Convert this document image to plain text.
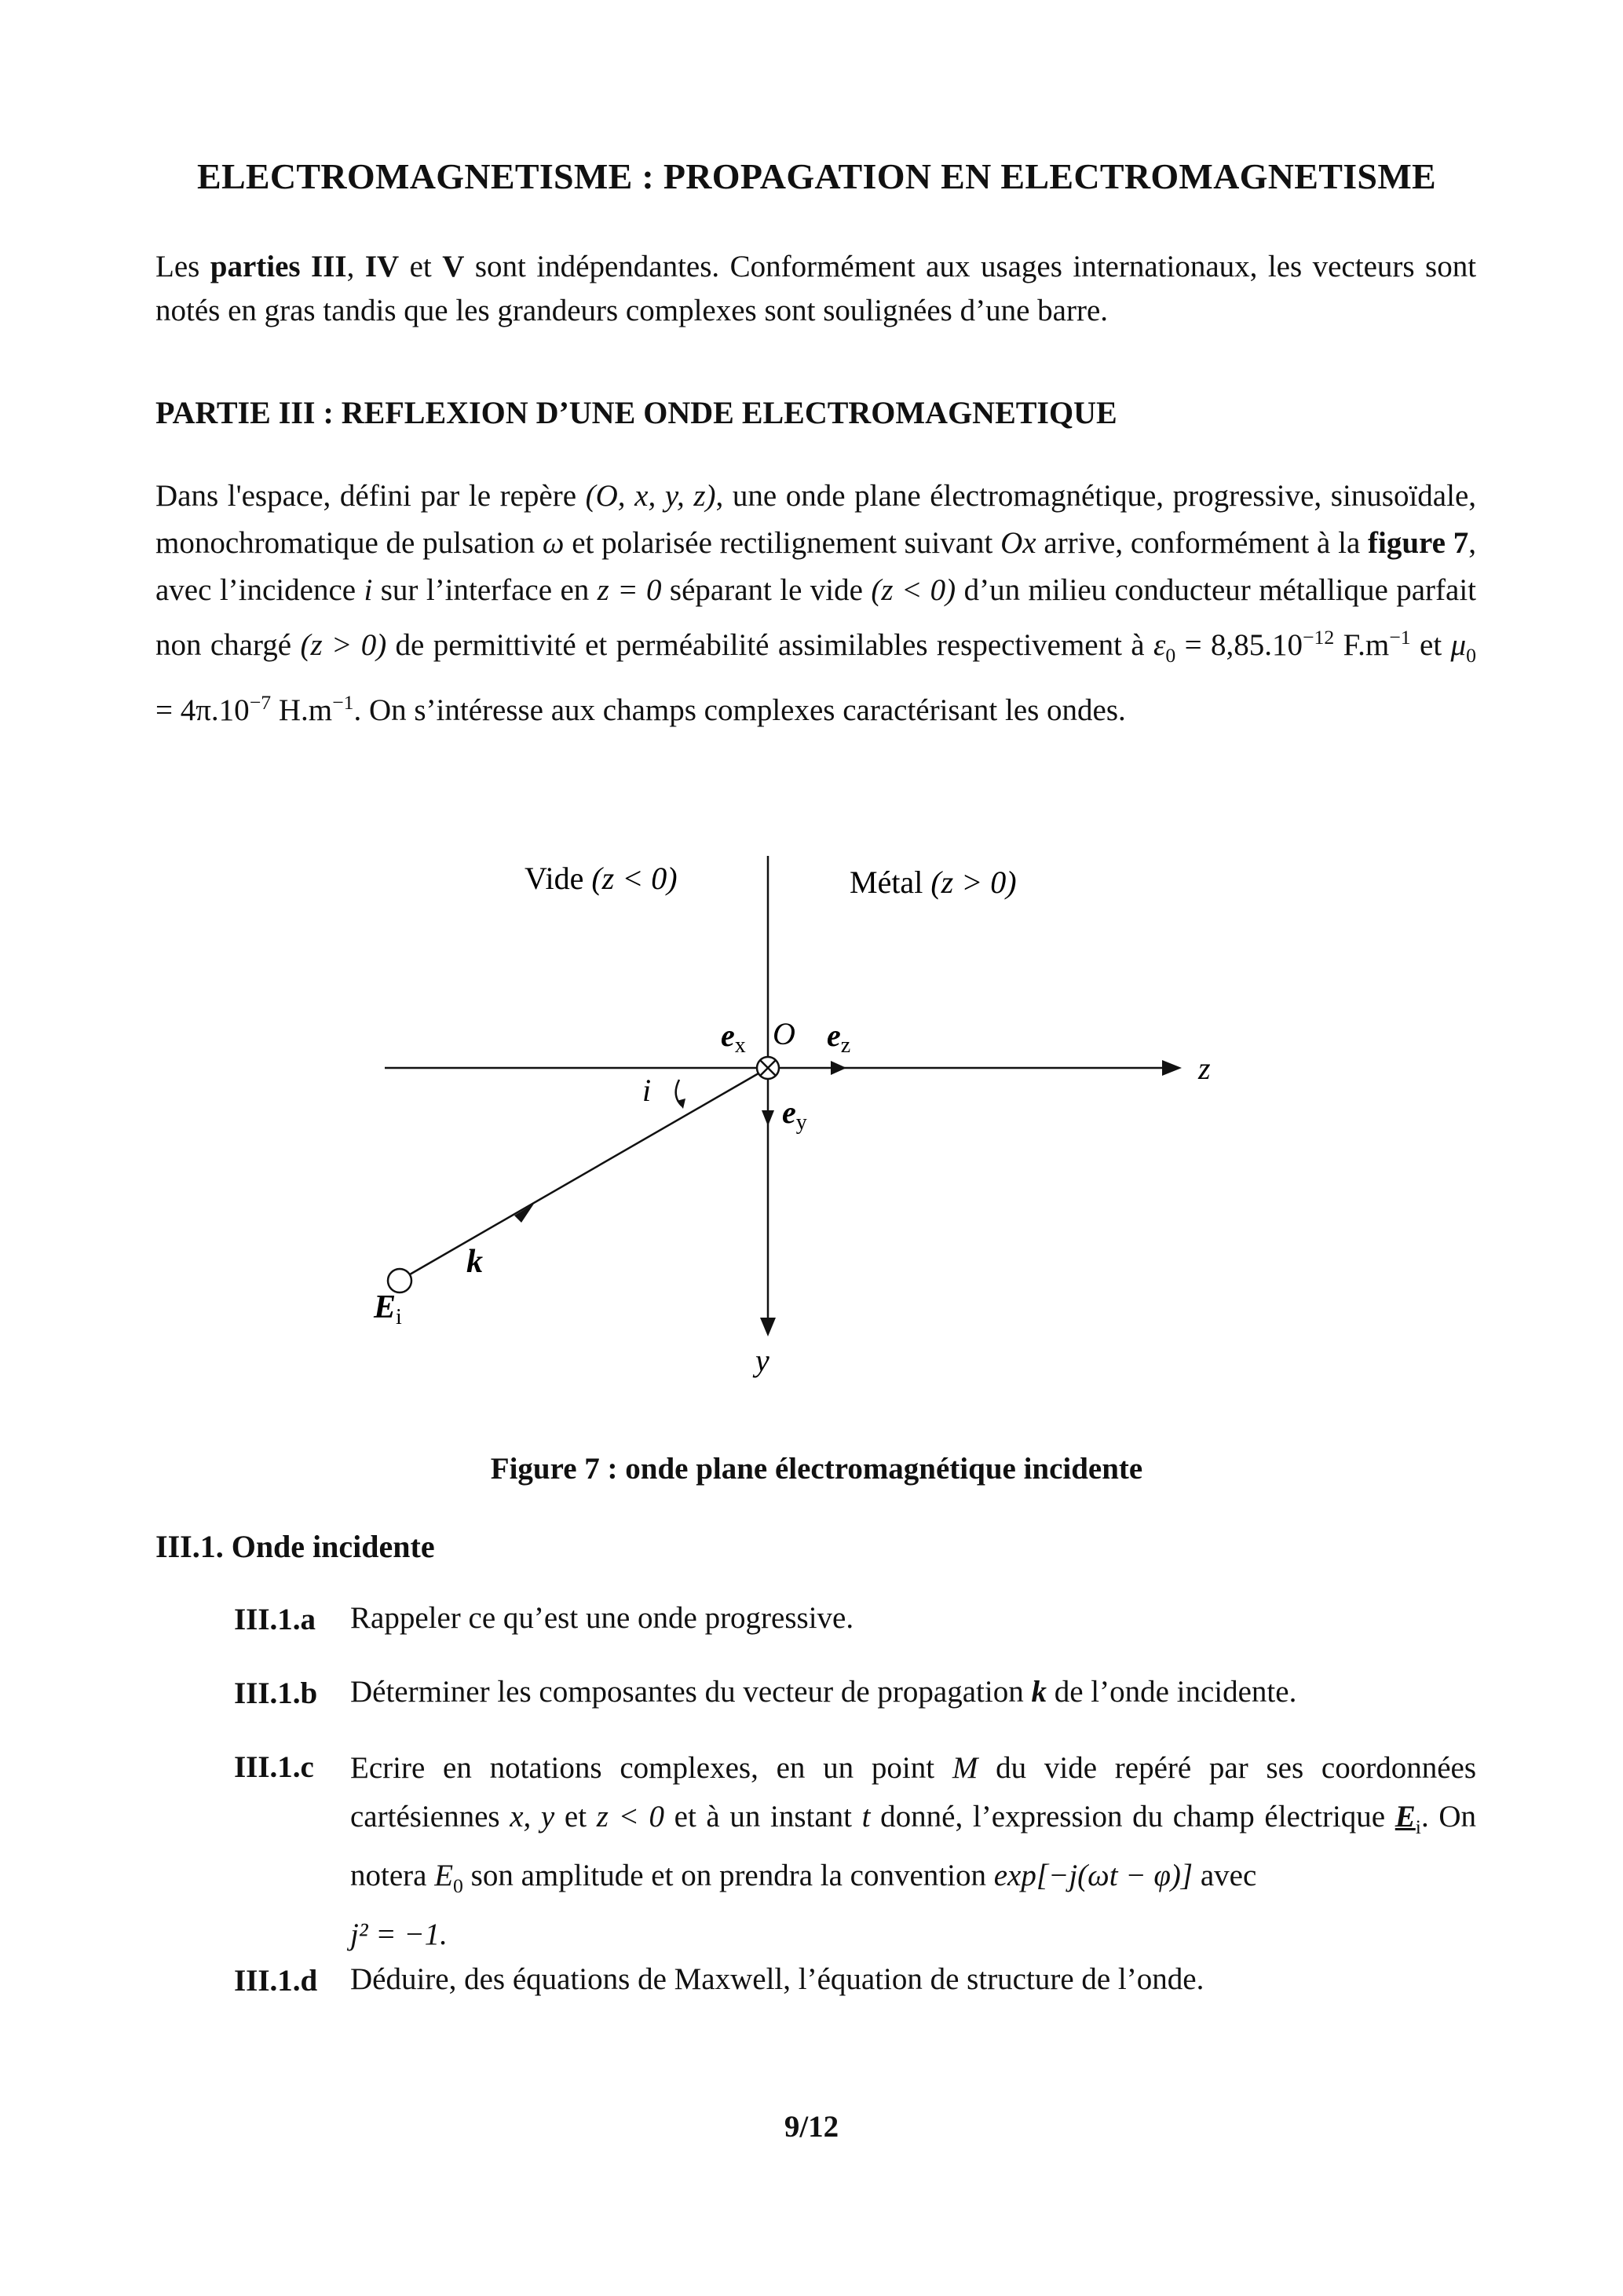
ELECTROMAGNETISME : PROPAGATION EN ELECTROMAGNETISME
Les parties III, IV et V sont indépendantes. Conformément aux usages internationaux, les vecteurs sont notés en gras tandis que les grandeurs complexes sont soulignées d’une barre.
PARTIE III : REFLEXION D’UNE ONDE ELECTROMAGNETIQUE
Dans l'espace, défini par le repère (O, x, y, z), une onde plane électromagnétique, progressive, sinusoïdale, monochromatique de pulsation ω et polarisée rectilignement suivant Ox arrive, conformément à la figure 7, avec l’incidence i sur l’interface en z = 0 séparant le vide (z < 0) d’un milieu conducteur métallique parfait non chargé (z > 0) de permittivité et perméabilité assimilables respectivement à $\varepsilon_0 = 8,85.10^{-12}$ $F.m^{-1}$ et $\mu_0 = 4\pi.10^{-7}$ $H.m^{-1}$. On s’intéresse aux champs complexes caractérisant les ondes.
Vide (z < 0)	Métal (z > 0)
$e_x$ O $e_z$
$e_y$
z
y
i
k
Ei
Figure 7 : onde plane électromagnétique incidente
III.1. Onde incidente
III.1.a Rappeler ce qu’est une onde progressive.
III.1.b Déterminer les composantes du vecteur de propagation k de l’onde incidente.
III.1.c Ecrire en notations complexes, en un point M du vide repéré par ses coordonnées cartésiennes x, y et z < 0 et à un instant t donné, l’expression du champ électrique $E_i$. On notera $E_0$ son amplitude et on prendra la convention exp[−j(ωt − φ)] avec
j² = −1.
III.1.d Déduire, des équations de Maxwell, l’équation de structure de l’onde.
9/12
